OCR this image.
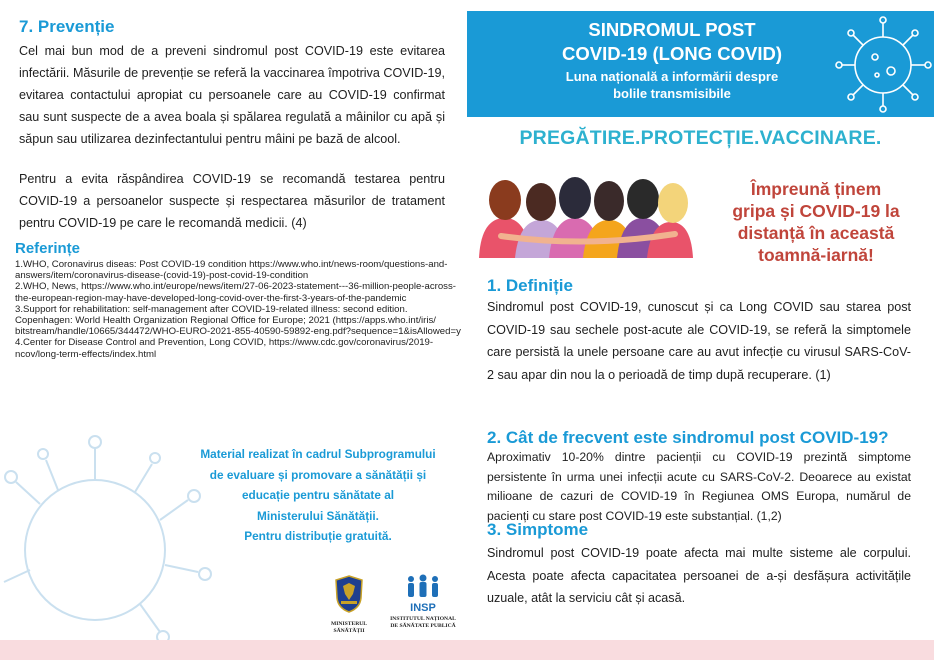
7. Prevenție

Cel mai bun mod de a preveni sindromul post COVID-19 este evitarea infectării. Măsurile de prevenție se referă la vaccinarea împotriva COVID-19, evitarea contactului apropiat cu persoanele care au COVID-19 confirmat sau sunt suspecte de a avea boala și spălarea regulată a mâinilor cu apă și săpun sau utilizarea dezinfectantului pentru mâini pe bază de alcool.

Pentru a evita răspândirea COVID-19 se recomandă testarea pentru COVID-19 a persoanelor suspecte și respectarea măsurilor de tratament pentru COVID-19 pe care le recomandă medicii. (4)

Referințe
1.WHO, Coronavirus diseas: Post COVID-19 condition https://www.who.int/news-room/questions-and-answers/item/coronavirus-disease-(covid-19)-post-covid-19-condition
2.WHO, News, https://www.who.int/europe/news/item/27-06-2023-statement---36-million-people-across-the-european-region-may-have-developed-long-covid-over-the-first-3-years-of-the-pandemic
3.Support for rehabilitation: self-management after COVID-19-related illness: second edition. Copenhagen: World Health Organization Regional Office for Europe; 2021 (https://apps.who.int/iris/ bitstream/handle/10665/344472/WHO-EURO-2021-855-40590-59892-eng.pdf?sequence=1&isAllowed=y
4.Center for Disease Control and Prevention, Long COVID, https://www.cdc.gov/coronavirus/2019-ncov/long-term-effects/index.html
Material realizat în cadrul Subprogramului
de evaluare și promovare a sănătății și
educație pentru sănătate al
Ministerului Sănătății.
Pentru distribuție gratuită.
MINISTERUL SĂNĂTĂȚII
INSP
INSTITUTUL NAȚIONAL
DE SĂNĂTATE PUBLICĂ
SINDROMUL POST
COVID-19 (LONG COVID)
Luna națională a informării despre
bolile transmisibile
PREGĂTIRE.PROTECȚIE.VACCINARE.
Împreună ținem
gripa și COVID-19 la
distanță în această
toamnă-iarnă!
1. Definiție

Sindromul post COVID-19, cunoscut și ca Long COVID sau starea post COVID-19 sau sechele post-acute ale COVID-19, se referă la simptomele care persistă la unele persoane care au avut infecție cu virusul SARS-CoV-2 sau apar din nou la o perioadă de timp după recuperare. (1)

2. Cât de frecvent este sindromul post COVID-19?

Aproximativ 10-20% dintre pacienții cu COVID-19 prezintă simptome persistente în urma unei infecții acute cu SARS-CoV-2. Deoarece au existat milioane de cazuri de COVID-19 în Regiunea OMS Europa, numărul de pacienți cu stare post COVID-19 este substanțial. (1,2)

3. Simptome

Sindromul post COVID-19 poate afecta mai multe sisteme ale corpului. Acesta poate afecta capacitatea persoanei de a-și desfășura activitățile uzuale, atât la serviciu cât și acasă.
